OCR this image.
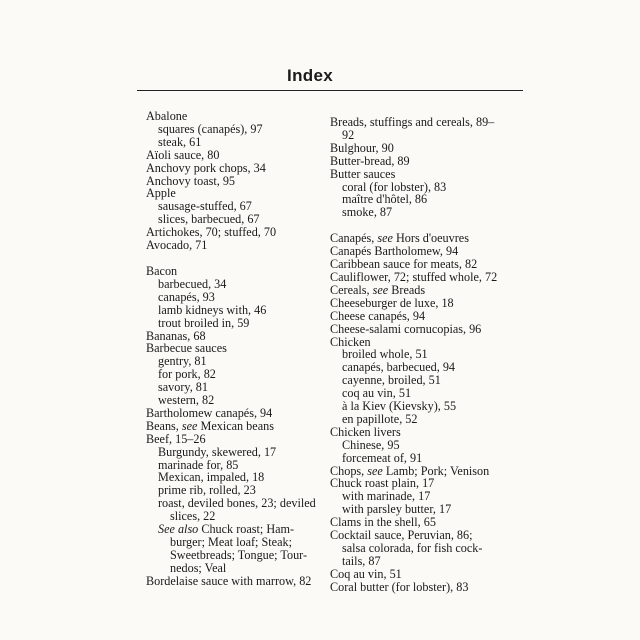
Index
Abalone
squares (canapés), 97
steak, 61
Aïoli sauce, 80
Anchovy pork chops, 34
Anchovy toast, 95
Apple
sausage-stuffed, 67
slices, barbecued, 67
Artichokes, 70; stuffed, 70
Avocado, 71
Bacon
barbecued, 34
canapés, 93
lamb kidneys with, 46
trout broiled in, 59
Bananas, 68
Barbecue sauces
gentry, 81
for pork, 82
savory, 81
western, 82
Bartholomew canapés, 94
Beans, see Mexican beans
Beef, 15–26
Burgundy, skewered, 17
marinade for, 85
Mexican, impaled, 18
prime rib, rolled, 23
roast, deviled bones, 23; deviled
slices, 22
See also Chuck roast; Ham-
burger; Meat loaf; Steak;
Sweetbreads; Tongue; Tour-
nedos; Veal
Bordelaise sauce with marrow, 82
Breads, stuffings and cereals, 89–
92
Bulghour, 90
Butter-bread, 89
Butter sauces
coral (for lobster), 83
maître d'hôtel, 86
smoke, 87
Canapés, see Hors d'oeuvres
Canapés Bartholomew, 94
Caribbean sauce for meats, 82
Cauliflower, 72; stuffed whole, 72
Cereals, see Breads
Cheeseburger de luxe, 18
Cheese canapés, 94
Cheese-salami cornucopias, 96
Chicken
broiled whole, 51
canapés, barbecued, 94
cayenne, broiled, 51
coq au vin, 51
à la Kiev (Kievsky), 55
en papillote, 52
Chicken livers
Chinese, 95
forcemeat of, 91
Chops, see Lamb; Pork; Venison
Chuck roast plain, 17
with marinade, 17
with parsley butter, 17
Clams in the shell, 65
Cocktail sauce, Peruvian, 86;
salsa colorada, for fish cock-
tails, 87
Coq au vin, 51
Coral butter (for lobster), 83
